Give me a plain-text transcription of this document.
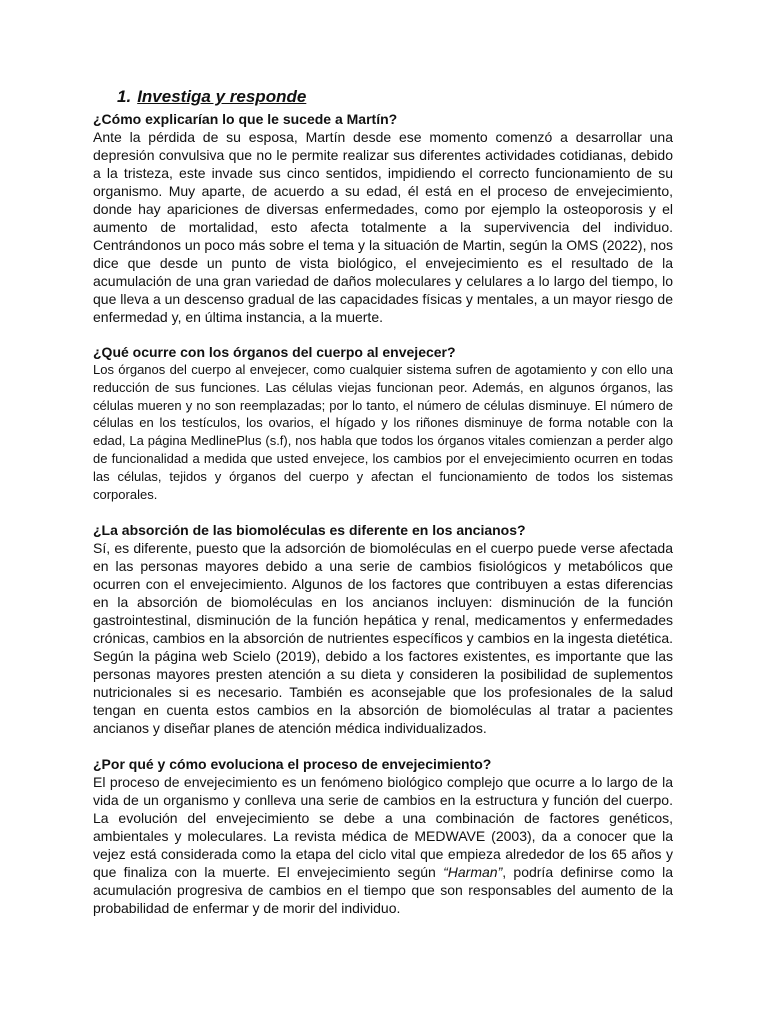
1. Investiga y responde

¿Cómo explicarían lo que le sucede a Martín?

Ante la pérdida de su esposa, Martín desde ese momento comenzó a desarrollar una depresión convulsiva que no le permite realizar sus diferentes actividades cotidianas, debido a la tristeza, este invade sus cinco sentidos, impidiendo el correcto funcionamiento de su organismo. Muy aparte, de acuerdo a su edad, él está en el proceso de envejecimiento, donde hay apariciones de diversas enfermedades, como por ejemplo la osteoporosis y el aumento de mortalidad, esto afecta totalmente a la supervivencia del individuo. Centrándonos un poco más sobre el tema y la situación de Martin, según la OMS (2022), nos dice que desde un punto de vista biológico, el envejecimiento es el resultado de la acumulación de una gran variedad de daños moleculares y celulares a lo largo del tiempo, lo que lleva a un descenso gradual de las capacidades físicas y mentales, a un mayor riesgo de enfermedad y, en última instancia, a la muerte.

¿Qué ocurre con los órganos del cuerpo al envejecer?

Los órganos del cuerpo al envejecer, como cualquier sistema sufren de agotamiento y con ello una reducción de sus funciones. Las células viejas funcionan peor. Además, en algunos órganos, las células mueren y no son reemplazadas; por lo tanto, el número de células disminuye. El número de células en los testículos, los ovarios, el hígado y los riñones disminuye de forma notable con la edad, La página MedlinePlus (s.f), nos habla que todos los órganos vitales comienzan a perder algo de funcionalidad a medida que usted envejece, los cambios por el envejecimiento ocurren en todas las células, tejidos y órganos del cuerpo y afectan el funcionamiento de todos los sistemas corporales.

¿La absorción de las biomoléculas es diferente en los ancianos?

Sí, es diferente, puesto que la adsorción de biomoléculas en el cuerpo puede verse afectada en las personas mayores debido a una serie de cambios fisiológicos y metabólicos que ocurren con el envejecimiento. Algunos de los factores que contribuyen a estas diferencias en la absorción de biomoléculas en los ancianos incluyen: disminución de la función gastrointestinal, disminución de la función hepática y renal, medicamentos y enfermedades crónicas, cambios en la absorción de nutrientes específicos y cambios en la ingesta dietética. Según la página web Scielo (2019), debido a los factores existentes, es importante que las personas mayores presten atención a su dieta y consideren la posibilidad de suplementos nutricionales si es necesario. También es aconsejable que los profesionales de la salud tengan en cuenta estos cambios en la absorción de biomoléculas al tratar a pacientes ancianos y diseñar planes de atención médica individualizados.

¿Por qué y cómo evoluciona el proceso de envejecimiento?

El proceso de envejecimiento es un fenómeno biológico complejo que ocurre a lo largo de la vida de un organismo y conlleva una serie de cambios en la estructura y función del cuerpo. La evolución del envejecimiento se debe a una combinación de factores genéticos, ambientales y moleculares. La revista médica de MEDWAVE (2003), da a conocer que la vejez está considerada como la etapa del ciclo vital que empieza alrededor de los 65 años y que finaliza con la muerte. El envejecimiento según “Harman”, podría definirse como la acumulación progresiva de cambios en el tiempo que son responsables del aumento de la probabilidad de enfermar y de morir del individuo.
